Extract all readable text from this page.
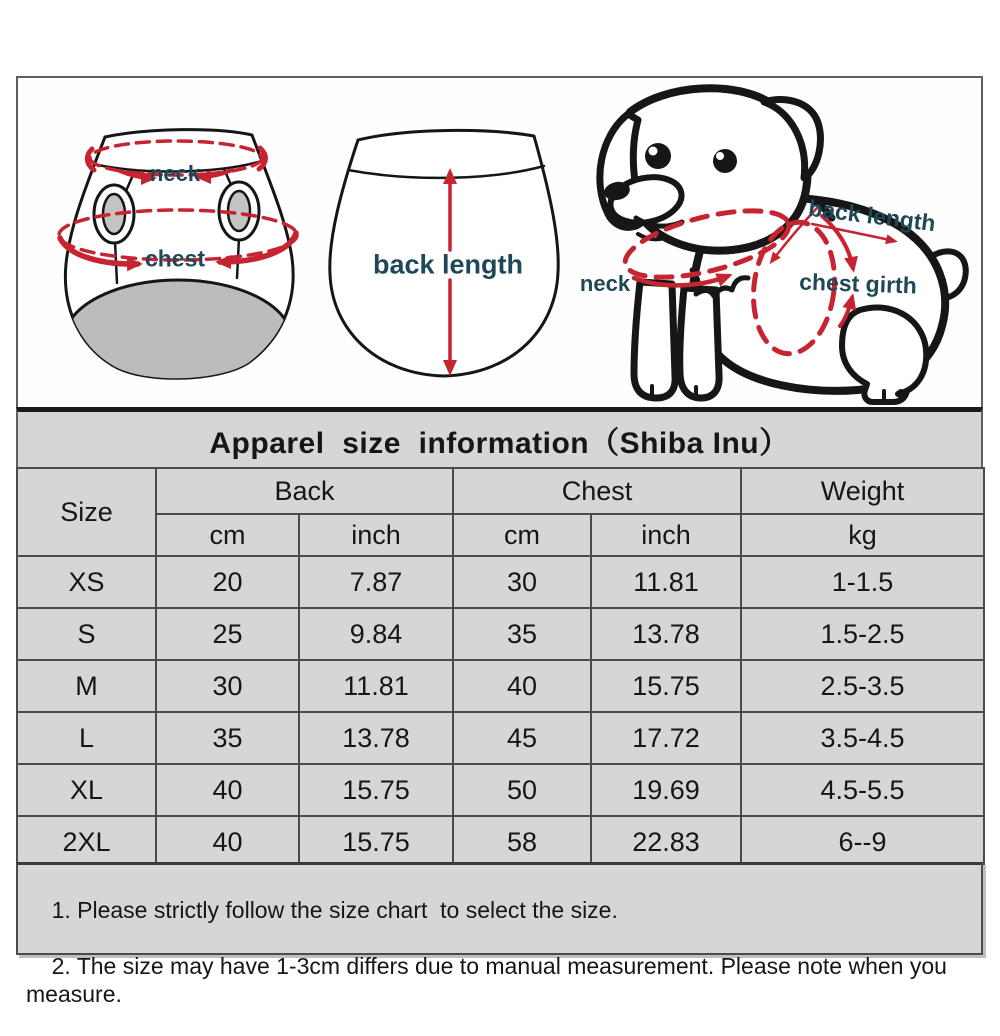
neck
chest	back length
neck
back length
chest girth
Apparel  size  information（Shiba Inu）
Size	Back		Chest		Weight
	cm	inch	cm	inch	kg
XS	20	7.87	30	11.81	1-1.5
S	25	9.84	35	13.78	1.5-2.5
M	30	11.81	40	15.75	2.5-3.5
L	35	13.78	45	17.72	3.5-4.5
XL	40	15.75	50	19.69	4.5-5.5
2XL	40	15.75	58	22.83	6--9

1. Please strictly follow the size chart  to select the size.

2. The size may have 1-3cm differs due to manual measurement. Please note when you measure.
